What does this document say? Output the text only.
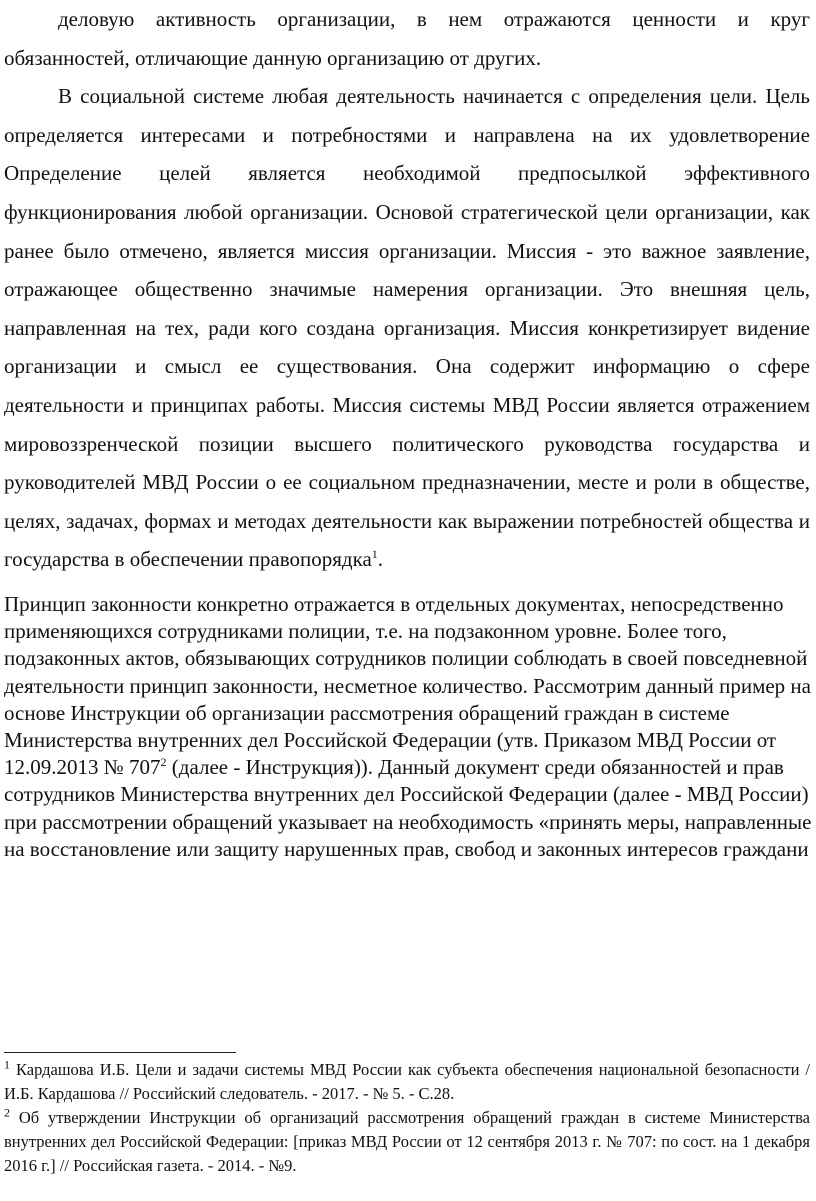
деловую активность организации, в нем отражаются ценности и круг обязанностей, отличающие данную организацию от других.

В социальной системе любая деятельность начинается с определения цели. Цель определяется интересами и потребностями и направлена на их удовлетворение Определение целей является необходимой предпосылкой эффективного функционирования любой организации. Основой стратегической цели организации, как ранее было отмечено, является миссия организации. Миссия - это важное заявление, отражающее общественно значимые намерения организации. Это внешняя цель, направленная на тех, ради кого создана организация. Миссия конкретизирует видение организации и смысл ее существования. Она содержит информацию о сфере деятельности и принципах работы. Миссия системы МВД России является отражением мировоззренческой позиции высшего политического руководства государства и руководителей МВД России о ее социальном предназначении, месте и роли в обществе, целях, задачах, формах и методах деятельности как выражении потребностей общества и государства в обеспечении правопорядка$^1$.

Принцип законности конкретно отражается в отдельных документах, непосредственно применяющихся сотрудниками полиции, т.е. на подзаконном уровне. Более того, подзаконных актов, обязывающих сотрудников полиции соблюдать в своей повседневной деятельности принцип законности, несметное количество. Рассмотрим данный пример на основе Инструкции об организации рассмотрения обращений граждан в системе Министерства внутренних дел Российской Федерации (утв. Приказом МВД России от 12.09.2013 № $707^2$ (далее - Инструкция)). Данный документ среди обязанностей и прав сотрудников Министерства внутренних дел Российской Федерации (далее - МВД России) при рассмотрении обращений указывает на необходимость «принять меры, направленные на восстановление или защиту нарушенных прав, свобод и законных интересов граждани

$^1$ Кардашова И.Б. Цели и задачи системы МВД России как субъекта обеспечения национальной безопасности / И.Б. Кардашова // Российский следователь. - 2017. - № 5. - С.28.

$^2$ Об утверждении Инструкции об организаций рассмотрения обращений граждан в системе Министерства внутренних дел Российской Федерации: [приказ МВД России от 12 сентября 2013 г. № 707: по сост. на 1 декабря 2016 г.] // Российская газета. - 2014. - №9.
